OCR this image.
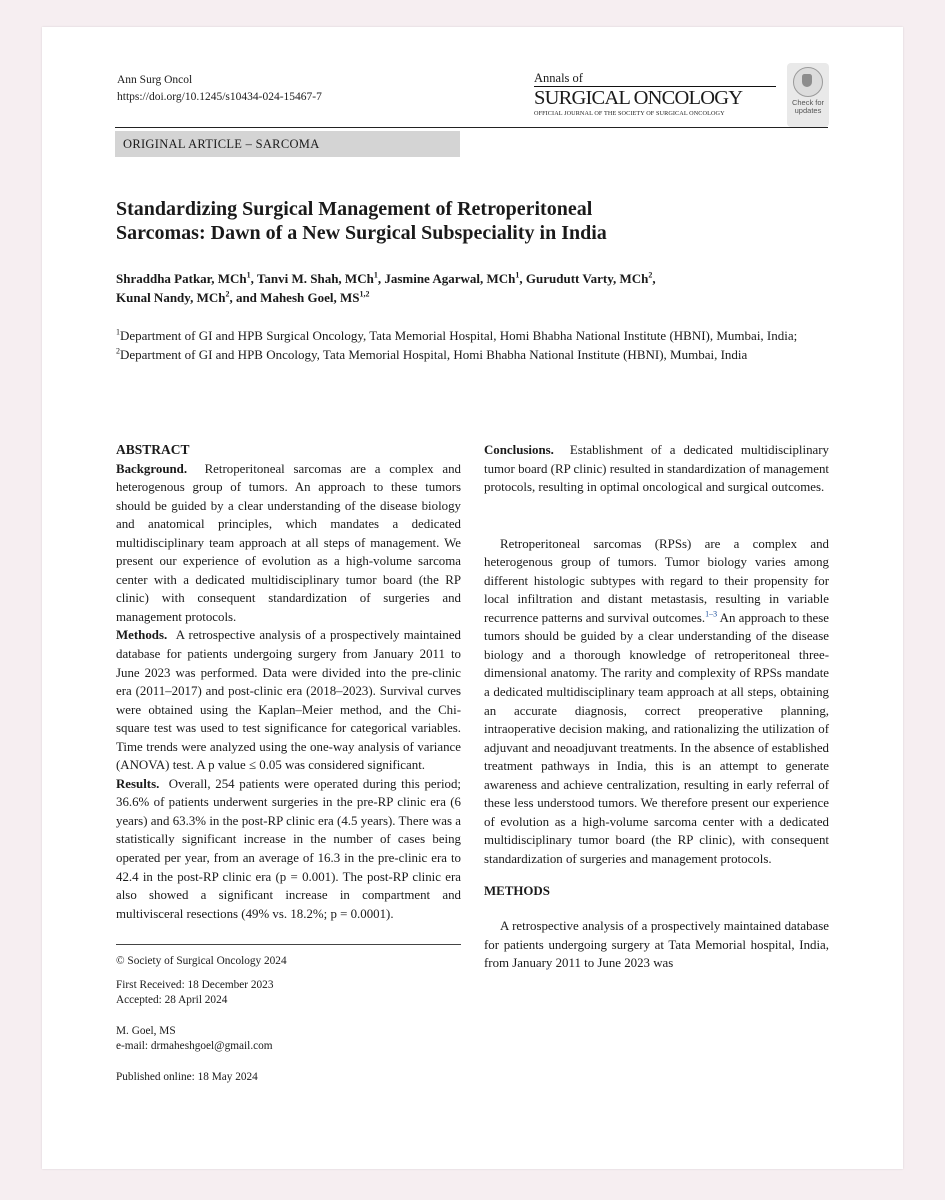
Ann Surg Oncol
https://doi.org/10.1245/s10434-024-15467-7
Annals of
SURGICAL ONCOLOGY
OFFICIAL JOURNAL OF THE SOCIETY OF SURGICAL ONCOLOGY
Check for updates
ORIGINAL ARTICLE – SARCOMA
Standardizing Surgical Management of Retroperitoneal
Sarcomas: Dawn of a New Surgical Subspeciality in India
Shraddha Patkar, MCh$^1$, Tanvi M. Shah, MCh$^1$, Jasmine Agarwal, MCh$^1$, Gurudutt Varty, MCh$^2$,
Kunal Nandy, MCh$^2$, and Mahesh Goel, MS$^{1,2}$
$^1$Department of GI and HPB Surgical Oncology, Tata Memorial Hospital, Homi Bhabha National Institute (HBNI), Mumbai, India; $^2$Department of GI and HPB Oncology, Tata Memorial Hospital, Homi Bhabha National Institute (HBNI), Mumbai, India
ABSTRACT
Background. Retroperitoneal sarcomas are a complex and heterogenous group of tumors. An approach to these tumors should be guided by a clear understanding of the disease biology and anatomical principles, which mandates a dedicated multidisciplinary team approach at all steps of management. We present our experience of evolution as a high-volume sarcoma center with a dedicated multidisciplinary tumor board (the RP clinic) with consequent standardization of surgeries and management protocols.
Methods. A retrospective analysis of a prospectively maintained database for patients undergoing surgery from January 2011 to June 2023 was performed. Data were divided into the pre-clinic era (2011–2017) and post-clinic era (2018–2023). Survival curves were obtained using the Kaplan–Meier method, and the Chi-square test was used to test significance for categorical variables. Time trends were analyzed using the one-way analysis of variance (ANOVA) test. A p value ≤ 0.05 was considered significant.
Results. Overall, 254 patients were operated during this period; 36.6% of patients underwent surgeries in the pre-RP clinic era (6 years) and 63.3% in the post-RP clinic era (4.5 years). There was a statistically significant increase in the number of cases being operated per year, from an average of 16.3 in the pre-clinic era to 42.4 in the post-RP clinic era (p = 0.001). The post-RP clinic era also showed a significant increase in compartment and multivisceral resections (49% vs. 18.2%; p = 0.0001).
Conclusions. Establishment of a dedicated multidisciplinary tumor board (RP clinic) resulted in standardization of management protocols, resulting in optimal oncological and surgical outcomes.
Retroperitoneal sarcomas (RPSs) are a complex and heterogenous group of tumors. Tumor biology varies among different histologic subtypes with regard to their propensity for local infiltration and distant metastasis, resulting in variable recurrence patterns and survival outcomes.$^{1-3}$ An approach to these tumors should be guided by a clear understanding of the disease biology and a thorough knowledge of retroperitoneal three-dimensional anatomy. The rarity and complexity of RPSs mandate a dedicated multidisciplinary team approach at all steps, obtaining an accurate diagnosis, correct preoperative planning, intraoperative decision making, and rationalizing the utilization of adjuvant and neoadjuvant treatments. In the absence of established treatment pathways in India, this is an attempt to generate awareness and achieve centralization, resulting in early referral of these less understood tumors. We therefore present our experience of evolution as a high-volume sarcoma center with a dedicated multidisciplinary tumor board (the RP clinic), with consequent standardization of surgeries and management protocols.
METHODS
A retrospective analysis of a prospectively maintained database for patients undergoing surgery at Tata Memorial hospital, India, from January 2011 to June 2023 was
© Society of Surgical Oncology 2024
First Received: 18 December 2023
Accepted: 28 April 2024
M. Goel, MS
e-mail: drmaheshgoel@gmail.com
Published online: 18 May 2024
